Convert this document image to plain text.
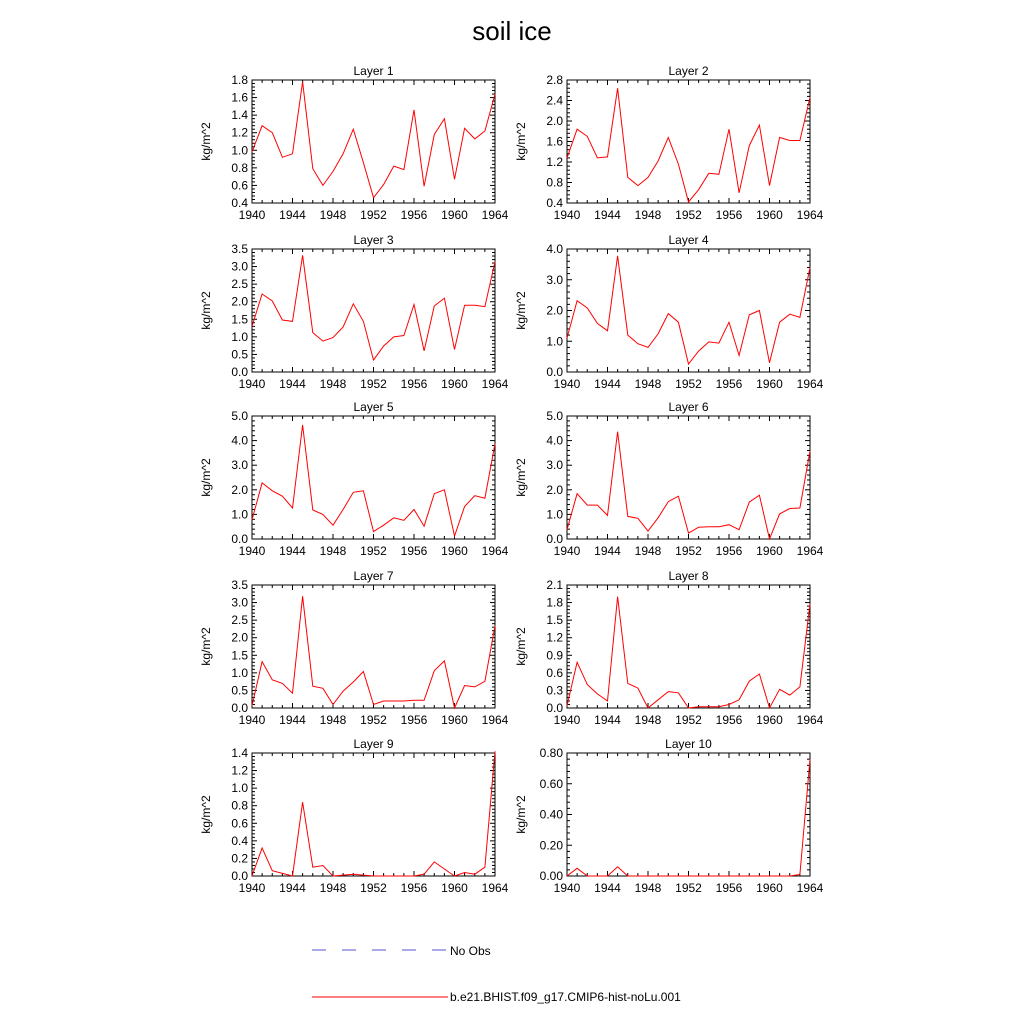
soil ice
Layer 1
kg/m^2
1940 1944 1948 1952 1956 1960 1964
0.4
0.6
0.8
1.0
1.2
1.4
1.6
1.8
Layer 2
kg/m^2
1940 1944 1948 1952 1956 1960 1964
0.4
0.8
1.2
1.6
2.0
2.4
2.8
Layer 3
kg/m^2
1940 1944 1948 1952 1956 1960 1964
0.0
0.5
1.0
1.5
2.0
2.5
3.0
3.5
Layer 4
kg/m^2
1940 1944 1948 1952 1956 1960 1964
0.0
1.0
2.0
3.0
4.0
Layer 5
kg/m^2
1940 1944 1948 1952 1956 1960 1964
0.0
1.0
2.0
3.0
4.0
5.0
Layer 6
kg/m^2
1940 1944 1948 1952 1956 1960 1964
0.0
1.0
2.0
3.0
4.0
5.0
Layer 7
kg/m^2
1940 1944 1948 1952 1956 1960 1964
0.0
0.5
1.0
1.5
2.0
2.5
3.0
3.5
Layer 8
kg/m^2
1940 1944 1948 1952 1956 1960 1964
0.0
0.3
0.6
0.9
1.2
1.5
1.8
2.1
Layer 9
kg/m^2
1940 1944 1948 1952 1956 1960 1964
0.0
0.2
0.4
0.6
0.8
1.0
1.2
1.4
Layer 10
kg/m^2
1940 1944 1948 1952 1956 1960 1964
0.00
0.20
0.40
0.60
0.80
No Obs
b.e21.BHIST.f09_g17.CMIP6-hist-noLu.001
